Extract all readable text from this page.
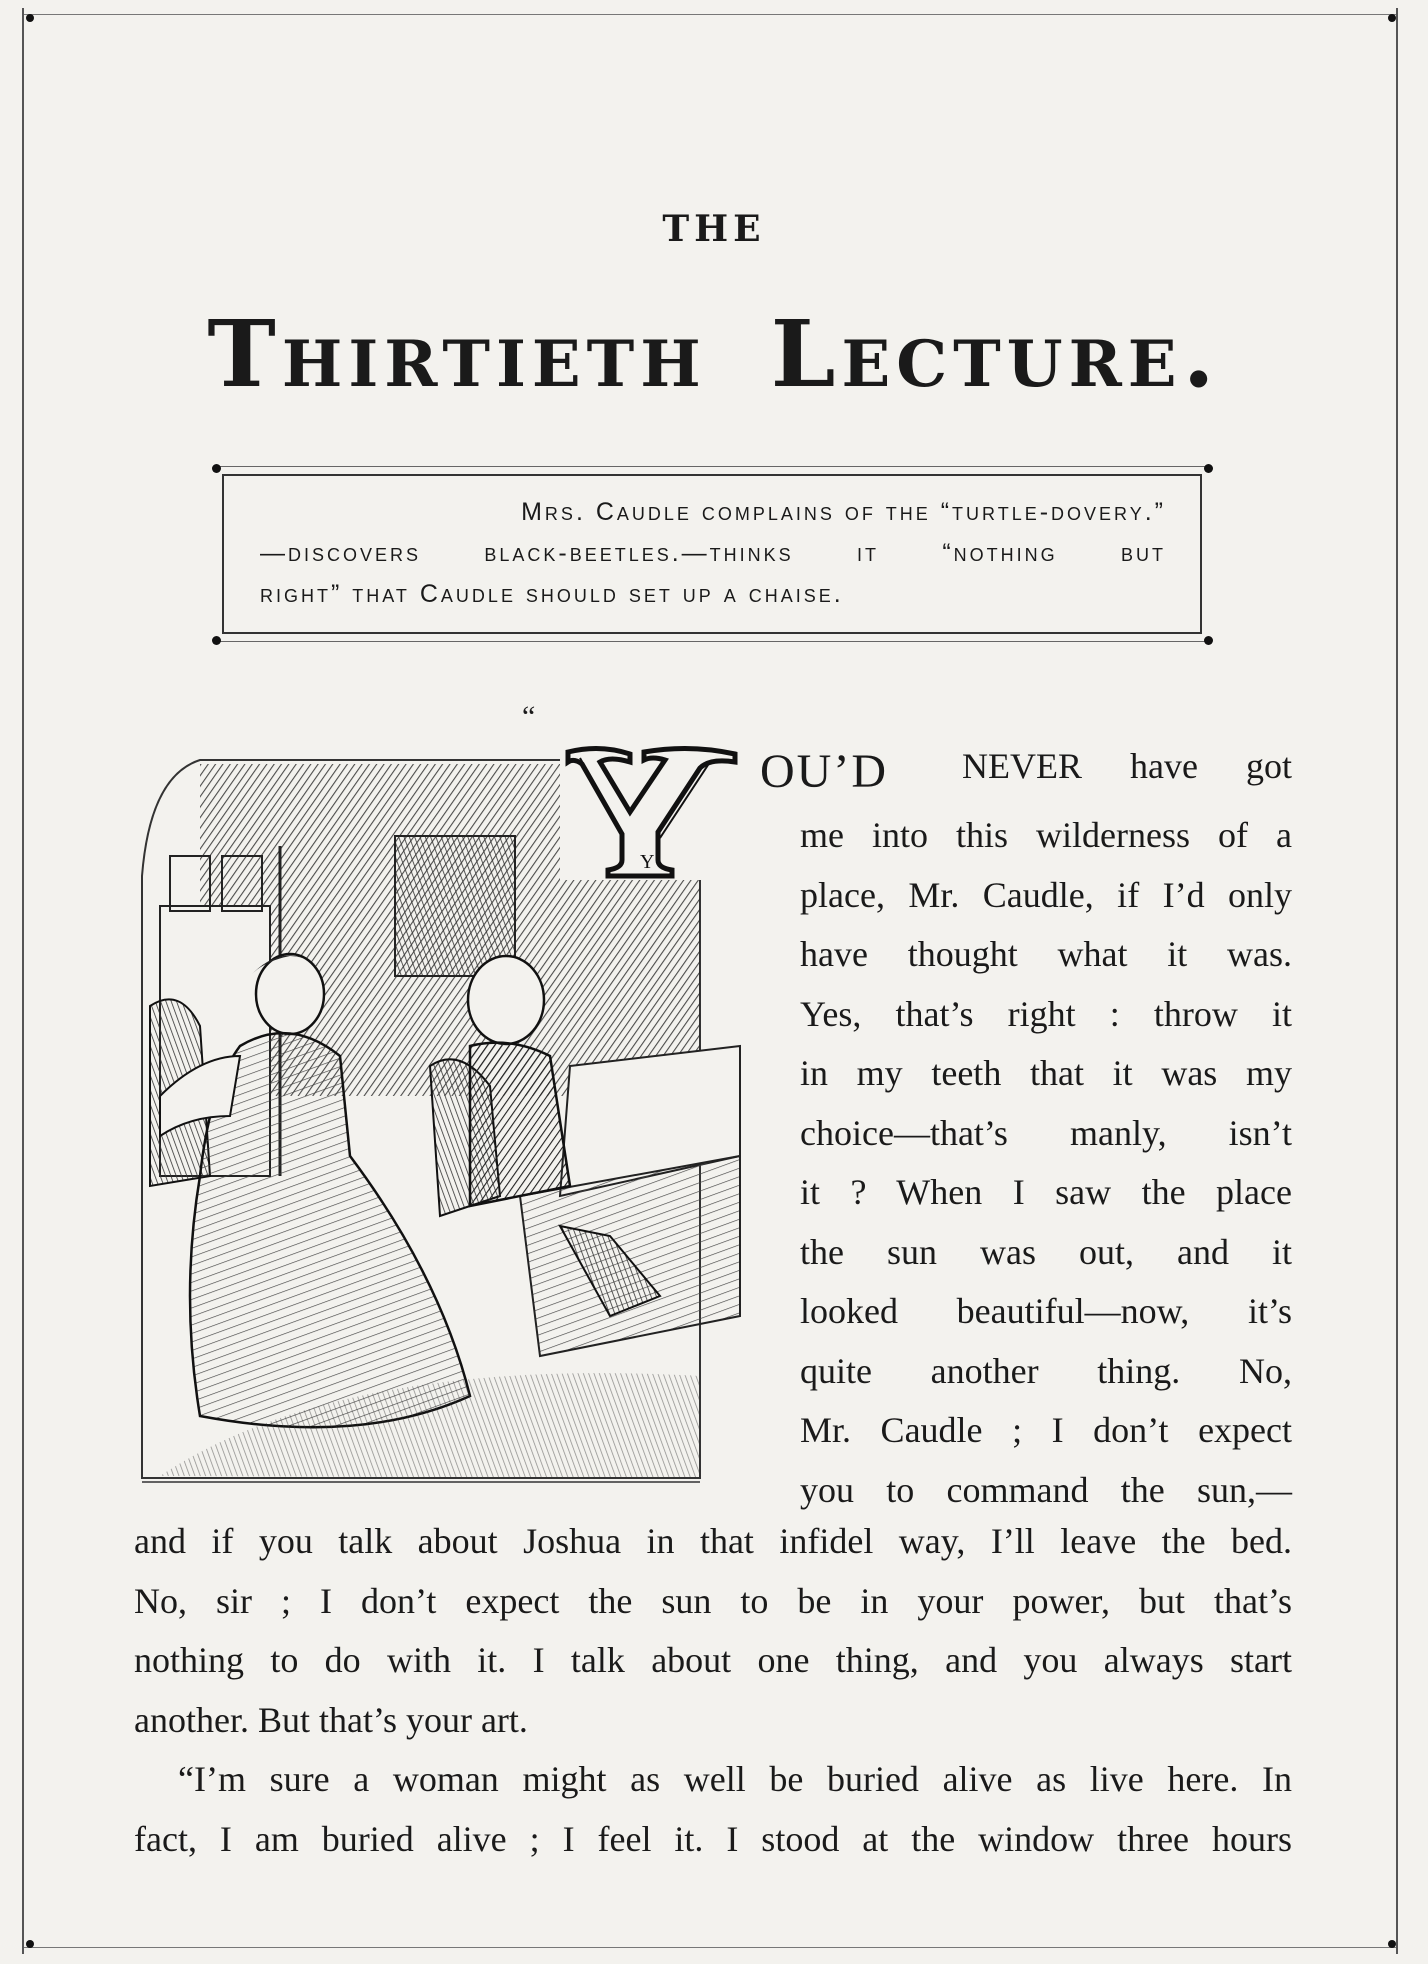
THE
Thirtieth Lecture.
Mrs. Caudle complains of the “turtle-dovery.”
—discovers black-beetles.—thinks it “nothing but
right” that Caudle should set up a chaise.
“
Y
OU’D NEVER have got
me into this wilderness of a
place, Mr. Caudle, if I’d only
have thought what it was.
Yes, that’s right : throw it
in my teeth that it was my
choice—that’s manly, isn’t
it ? When I saw the place
the sun was out, and it
looked beautiful—now, it’s
quite another thing. No,
Mr. Caudle ; I don’t expect
you to command the sun,—
and if you talk about Joshua in that infidel way, I’ll leave the bed.
No, sir ; I don’t expect the sun to be in your power, but that’s
nothing to do with it. I talk about one thing, and you always start
another. But that’s your art.
“I’m sure a woman might as well be buried alive as live here. In
fact, I am buried alive ; I feel it. I stood at the window three hours
